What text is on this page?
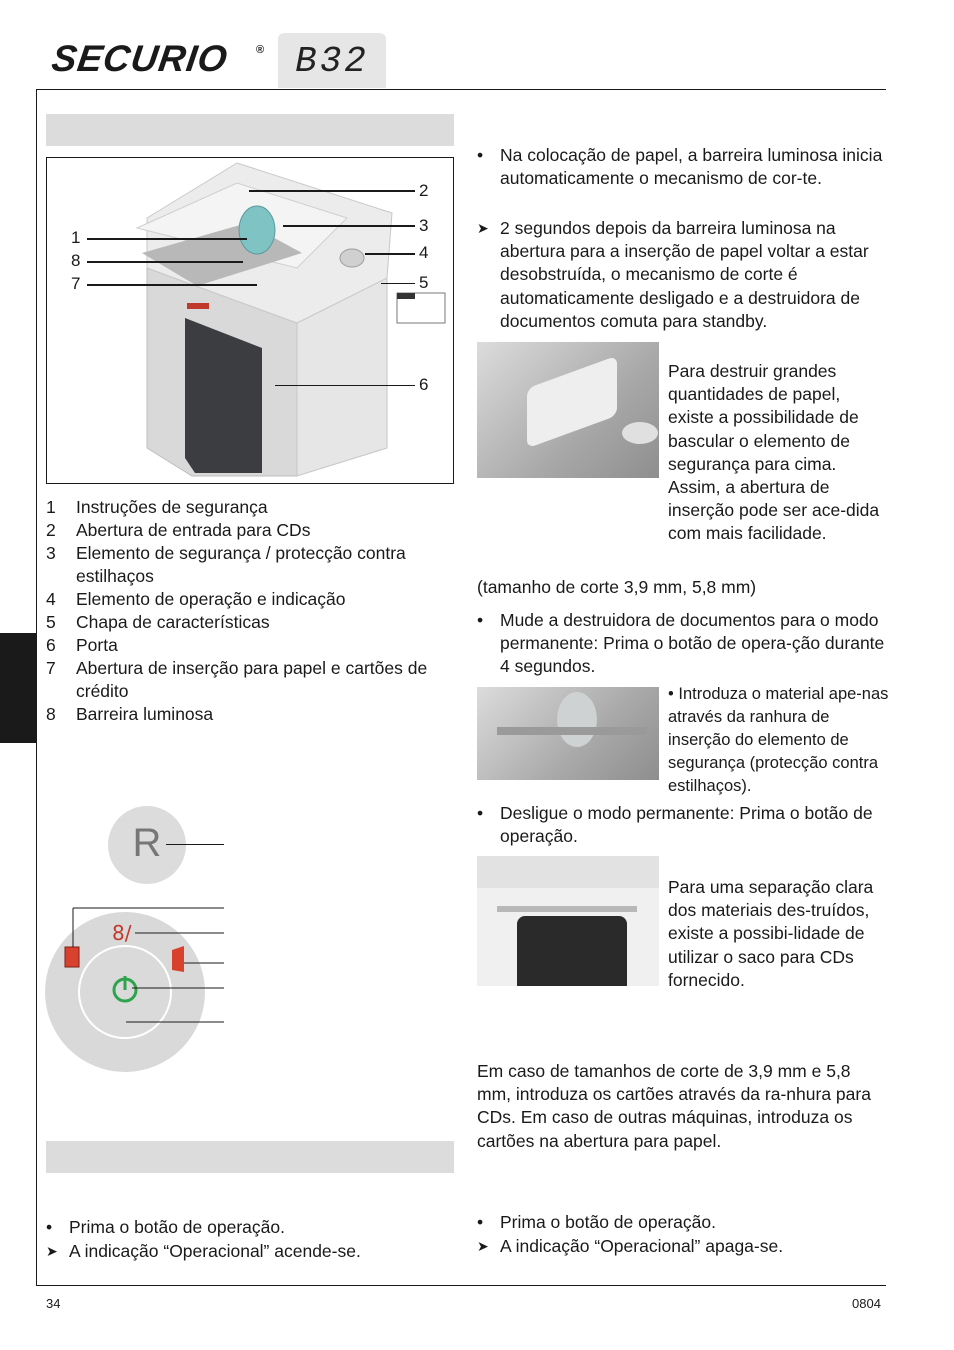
SECURIO ® B32
1
8
7
2
3
4
5
6
1	Instruções de segurança
2	Abertura de entrada para CDs
3	Elemento de segurança / protecção contra estilhaços
4	Elemento de operação e indicação
5	Chapa de características
6	Porta
7	Abertura de inserção para papel e cartões de crédito
8	Barreira luminosa
R
8/
• Prima o botão de operação.
➤ A indicação “Operacional” acende-se.
• Na colocação de papel, a barreira luminosa inicia automaticamente o mecanismo de cor-te.
➤ 2 segundos depois da barreira luminosa na abertura para a inserção de papel voltar a estar desobstruída, o mecanismo de corte é automaticamente desligado e a destruidora de documentos comuta para standby.
Para destruir grandes quantidades de papel, existe a possibilidade de bascular o elemento de segurança para cima. Assim, a abertura de inserção pode ser ace-dida com mais facilidade.
(tamanho de corte 3,9 mm, 5,8 mm)
• Mude a destruidora de documentos para o modo permanente: Prima o botão de opera-ção durante 4 segundos.
• Introduza o material ape-nas através da ranhura de inserção do elemento de segurança (protecção contra estilhaços).
• Desligue o modo permanente: Prima o botão de operação.
Para uma separação clara dos materiais des-truídos, existe a possibi-lidade de utilizar o saco para CDs fornecido.
Em caso de tamanhos de corte de 3,9 mm e 5,8 mm, introduza os cartões através da ra-nhura para CDs. Em caso de outras máquinas, introduza os cartões na abertura para papel.
• Prima o botão de operação.
➤ A indicação “Operacional” apaga-se.
34	0804
